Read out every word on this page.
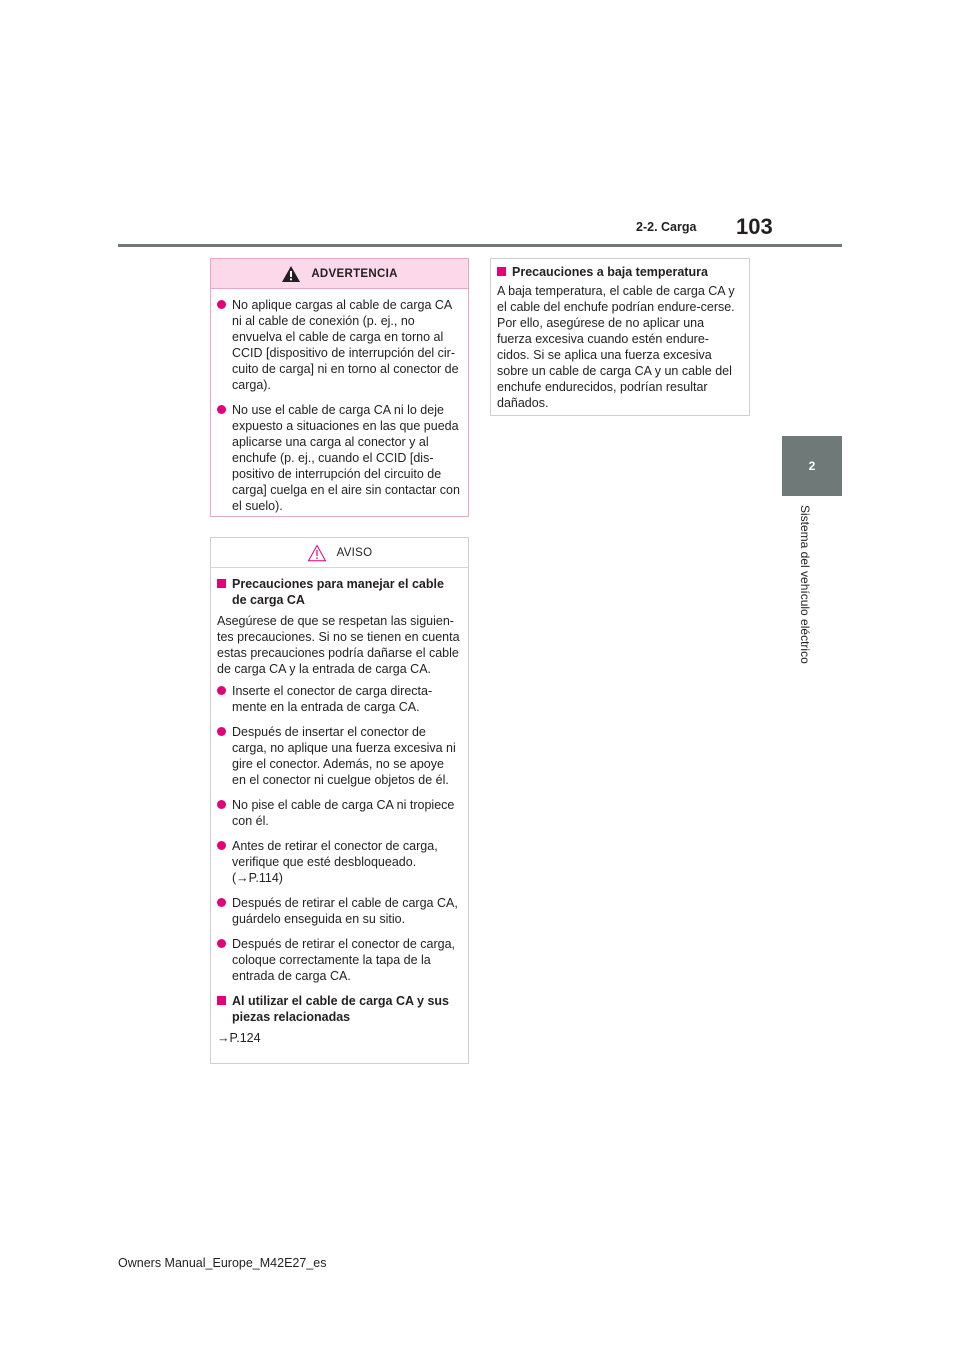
2-2. Carga 103
2
Sistema del vehículo eléctrico
ADVERTENCIA
No aplique cargas al cable de carga CA ni al cable de conexión (p. ej., no envuelva el cable de carga en torno al CCID [dispositivo de interrupción del cir-cuito de carga] ni en torno al conector de carga).
No use el cable de carga CA ni lo deje expuesto a situaciones en las que pueda aplicarse una carga al conector y al enchufe (p. ej., cuando el CCID [dis-positivo de interrupción del circuito de carga] cuelga en el aire sin contactar con el suelo).
AVISO
Precauciones para manejar el cable de carga CA
Asegúrese de que se respetan las siguien-tes precauciones. Si no se tienen en cuenta estas precauciones podría dañarse el cable de carga CA y la entrada de carga CA.
Inserte el conector de carga directa-mente en la entrada de carga CA.
Después de insertar el conector de carga, no aplique una fuerza excesiva ni gire el conector. Además, no se apoye en el conector ni cuelgue objetos de él.
No pise el cable de carga CA ni tropiece con él.
Antes de retirar el conector de carga, verifique que esté desbloqueado. (→P.114)
Después de retirar el cable de carga CA, guárdelo enseguida en su sitio.
Después de retirar el conector de carga, coloque correctamente la tapa de la entrada de carga CA.
Al utilizar el cable de carga CA y sus piezas relacionadas
→P.124
Precauciones a baja temperatura
A baja temperatura, el cable de carga CA y el cable del enchufe podrían endure-cerse. Por ello, asegúrese de no aplicar una fuerza excesiva cuando estén endure-cidos. Si se aplica una fuerza excesiva sobre un cable de carga CA y un cable del enchufe endurecidos, podrían resultar dañados.
Owners Manual_Europe_M42E27_es
